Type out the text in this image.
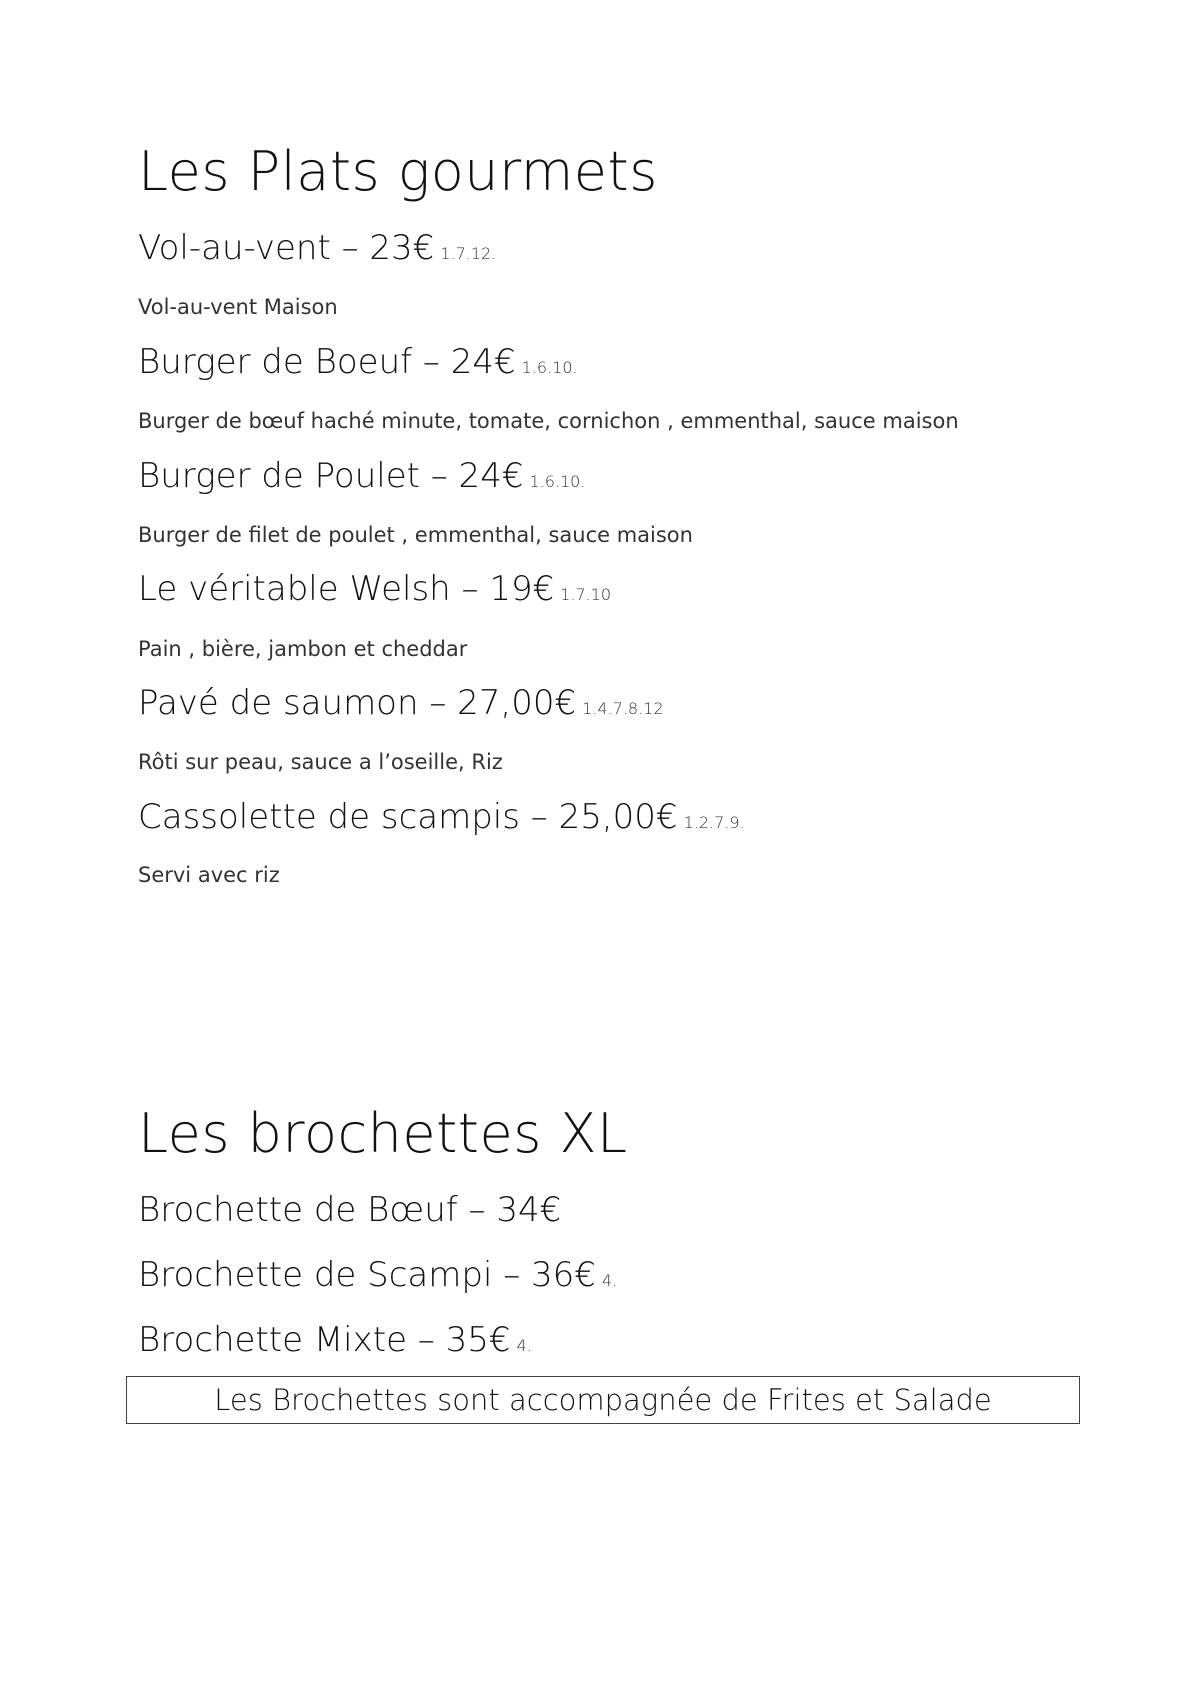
Les Plats gourmets
Vol-au-vent – 23€ 1.7.12.

Vol-au-vent Maison

Burger de Boeuf – 24€ 1.6.10.

Burger de bœuf haché minute, tomate, cornichon , emmenthal, sauce maison

Burger de Poulet – 24€ 1.6.10.

Burger de filet de poulet , emmenthal, sauce maison

Le véritable Welsh – 19€ 1.7.10

Pain , bière, jambon et cheddar

Pavé de saumon – 27,00€ 1.4.7.8.12

Rôti sur peau, sauce a l’oseille, Riz

Cassolette de scampis – 25,00€ 1.2.7.9.

Servi avec riz

Les brochettes XL
Brochette de Bœuf – 34€
Brochette de Scampi – 36€ 4.
Brochette Mixte – 35€ 4.
Les Brochettes sont accompagnée de Frites et Salade
